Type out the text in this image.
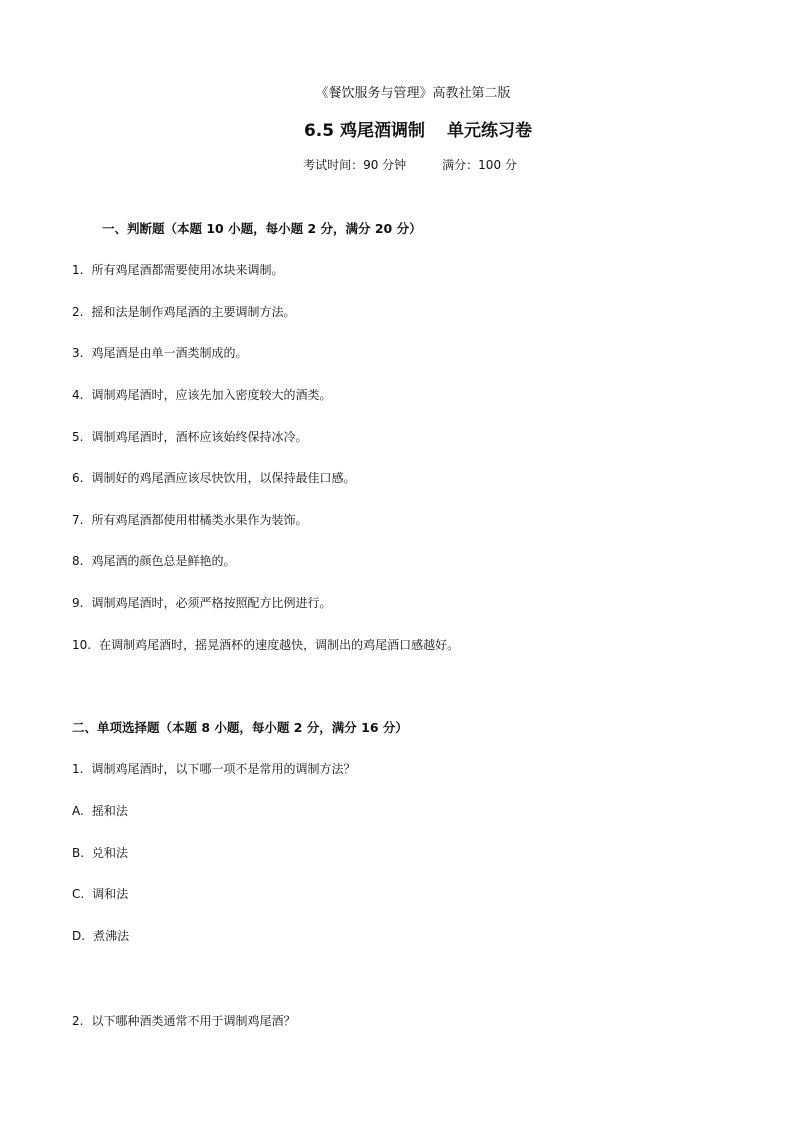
《餐饮服务与管理》高教社第二版
6.5 鸡尾酒调制 单元练习卷
考试时间：90 分钟	满分：100 分
一、判断题（本题 10 小题，每小题 2 分，满分 20 分）
1. 所有鸡尾酒都需要使用冰块来调制。
2. 摇和法是制作鸡尾酒的主要调制方法。
3. 鸡尾酒是由单一酒类制成的。
4. 调制鸡尾酒时，应该先加入密度较大的酒类。
5. 调制鸡尾酒时，酒杯应该始终保持冰冷。
6. 调制好的鸡尾酒应该尽快饮用，以保持最佳口感。
7. 所有鸡尾酒都使用柑橘类水果作为装饰。
8. 鸡尾酒的颜色总是鲜艳的。
9. 调制鸡尾酒时，必须严格按照配方比例进行。
10. 在调制鸡尾酒时，摇晃酒杯的速度越快，调制出的鸡尾酒口感越好。
二、单项选择题（本题 8 小题，每小题 2 分，满分 16 分）
1. 调制鸡尾酒时，以下哪一项不是常用的调制方法？
A. 摇和法
B. 兑和法
C. 调和法
D. 煮沸法
2. 以下哪种酒类通常不用于调制鸡尾酒？
